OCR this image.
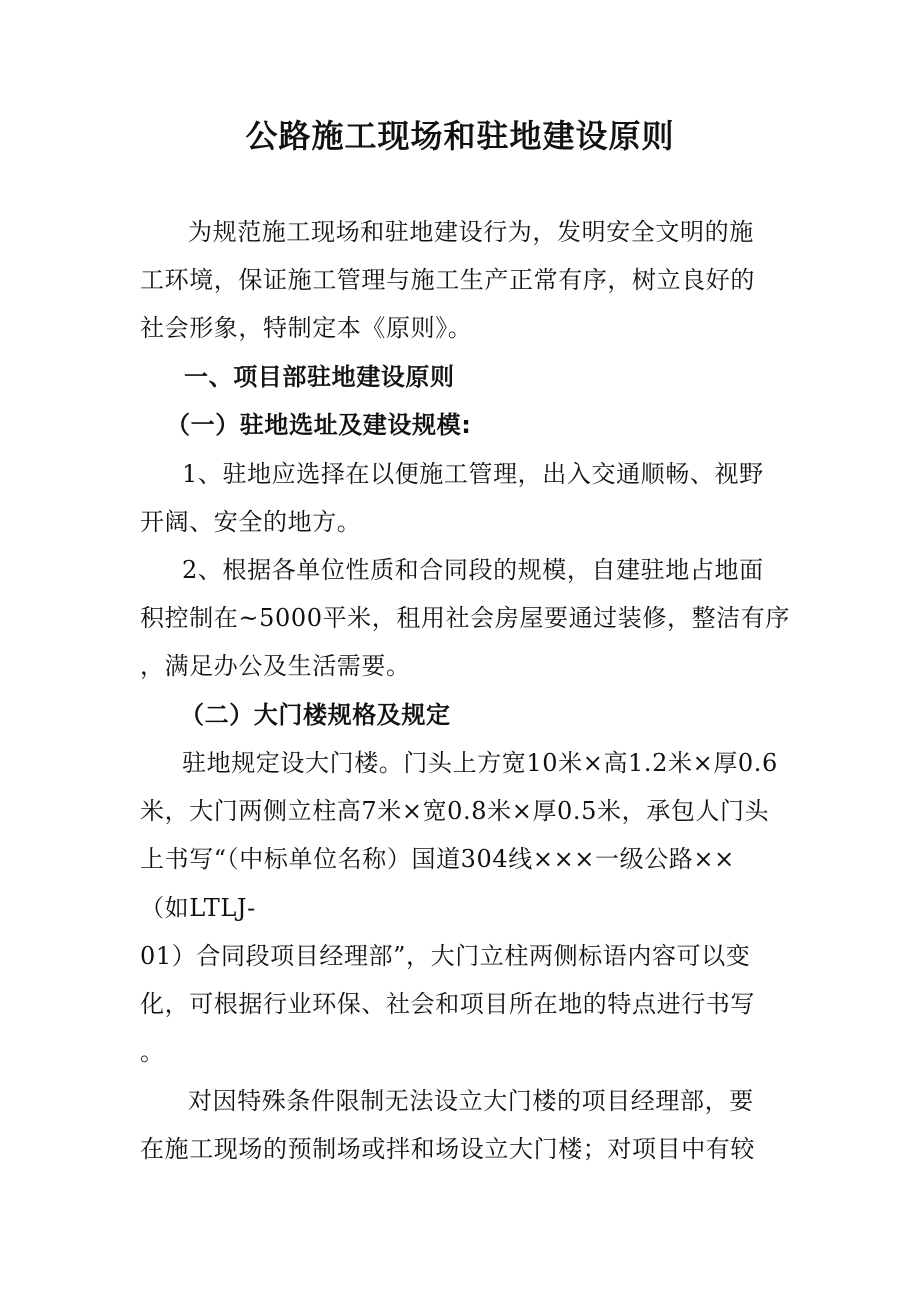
公路施工现场和驻地建设原则
为规范施工现场和驻地建设行为，发明安全文明的施
工环境，保证施工管理与施工生产正常有序，树立良好的
社会形象，特制定本《原则》。
一、项目部驻地建设原则
（一）驻地选址及建设规模:
1、驻地应选择在以便施工管理，出入交通顺畅、视野
开阔、安全的地方。
2、根据各单位性质和合同段的规模，自建驻地占地面
积控制在~5000平米，租用社会房屋要通过装修，整洁有序
，满足办公及生活需要。
（二）大门楼规格及规定
驻地规定设大门楼。门头上方宽10米×高1.2米×厚0.6
米，大门两侧立柱高7米×宽0.8米×厚0.5米，承包人门头
上书写“（中标单位名称）国道304线×××一级公路××
（如LTLJ-
01）合同段项目经理部”，大门立柱两侧标语内容可以变
化，可根据行业环保、社会和项目所在地的特点进行书写
。
对因特殊条件限制无法设立大门楼的项目经理部，要
在施工现场的预制场或拌和场设立大门楼；对项目中有较
